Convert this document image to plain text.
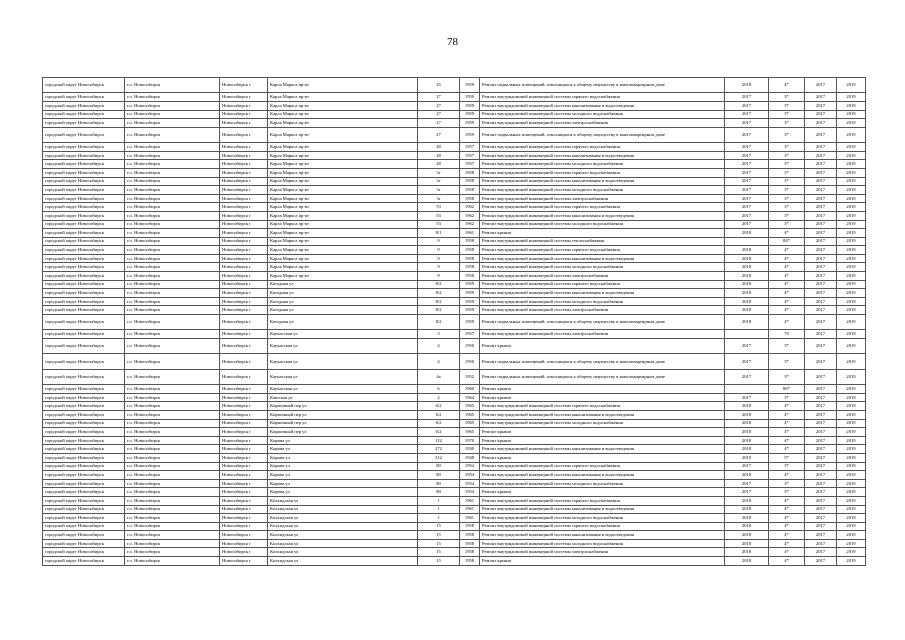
78
городской округ Новосибирск	г.о. Новосибирск	Новосибирск г	Карла Маркса пр-кт	25	1959	Ремонт подвальных помещений, относящихся к общему имуществу в многоквартирном доме	2018	4*	2017	2019
городской округ Новосибирск	г.о. Новосибирск	Новосибирск г	Карла Маркса пр-кт	27	1959	Ремонт внутридомовой инженерной системы горячего водоснабжения	2017	3*	2017	2019
городской округ Новосибирск	г.о. Новосибирск	Новосибирск г	Карла Маркса пр-кт	27	1959	Ремонт внутридомовой инженерной системы канализования и водоотведения	2017	3*	2017	2019
городской округ Новосибирск	г.о. Новосибирск	Новосибирск г	Карла Маркса пр-кт	27	1959	Ремонт внутридомовой инженерной системы холодного водоснабжения	2017	3*	2017	2019
городской округ Новосибирск	г.о. Новосибирск	Новосибирск г	Карла Маркса пр-кт	27	1959	Ремонт внутридомовой инженерной системы электроснабжения	2017	3*	2017	2019
городской округ Новосибирск	г.о. Новосибирск	Новосибирск г	Карла Маркса пр-кт	27	1959	Ремонт подвальных помещений, относящихся к общему имуществу в многоквартирном доме	2017	3*	2017	2019
городской округ Новосибирск	г.о. Новосибирск	Новосибирск г	Карла Маркса пр-кт	28	1957	Ремонт внутридомовой инженерной системы горячего водоснабжения	2017	3*	2017	2019
городской округ Новосибирск	г.о. Новосибирск	Новосибирск г	Карла Маркса пр-кт	28	1957	Ремонт внутридомовой инженерной системы канализования и водоотведения	2017	3*	2017	2019
городской округ Новосибирск	г.о. Новосибирск	Новосибирск г	Карла Маркса пр-кт	28	1957	Ремонт внутридомовой инженерной системы холодного водоснабжения	2017	3*	2017	2019
городской округ Новосибирск	г.о. Новосибирск	Новосибирск г	Карла Маркса пр-кт	3г	1958	Ремонт внутридомовой инженерной системы горячего водоснабжения	2017	3*	2017	2019
городской округ Новосибирск	г.о. Новосибирск	Новосибирск г	Карла Маркса пр-кт	3г	1958	Ремонт внутридомовой инженерной системы канализования и водоотведения	2017	3*	2017	2019
городской округ Новосибирск	г.о. Новосибирск	Новосибирск г	Карла Маркса пр-кт	3г	1958	Ремонт внутридомовой инженерной системы холодного водоснабжения	2017	3*	2017	2019
городской округ Новосибирск	г.о. Новосибирск	Новосибирск г	Карла Маркса пр-кт	3г	1958	Ремонт внутридомовой инженерной системы электроснабжения	2017	3*	2017	2019
городской округ Новосибирск	г.о. Новосибирск	Новосибирск г	Карла Маркса пр-кт	53	1962	Ремонт внутридомовой инженерной системы горячего водоснабжения	2017	3*	2017	2019
городской округ Новосибирск	г.о. Новосибирск	Новосибирск г	Карла Маркса пр-кт	53	1962	Ремонт внутридомовой инженерной системы канализования и водоотведения	2017	3*	2017	2019
городской округ Новосибирск	г.о. Новосибирск	Новосибирск г	Карла Маркса пр-кт	53	1962	Ремонт внутридомовой инженерной системы холодного водоснабжения	2017	3*	2017	2019
городской округ Новосибирск	г.о. Новосибирск	Новосибирск г	Карла Маркса пр-кт	8/1	1961	Ремонт крыши	2018	4*	2017	2019
городской округ Новосибирск	г.о. Новосибирск	Новосибирск г	Карла Маркса пр-кт	9	1958	Ремонт внутридомовой инженерной системы теплоснабжения		84*	2017	2019
городской округ Новосибирск	г.о. Новосибирск	Новосибирск г	Карла Маркса пр-кт	9	1958	Ремонт внутридомовой инженерной системы горячего водоснабжения	2018	4*	2017	2019
городской округ Новосибирск	г.о. Новосибирск	Новосибирск г	Карла Маркса пр-кт	9	1958	Ремонт внутридомовой инженерной системы канализования и водоотведения	2018	4*	2017	2019
городской округ Новосибирск	г.о. Новосибирск	Новосибирск г	Карла Маркса пр-кт	9	1958	Ремонт внутридомовой инженерной системы холодного водоснабжения	2018	4*	2017	2019
городской округ Новосибирск	г.о. Новосибирск	Новосибирск г	Карла Маркса пр-кт	9	1958	Ремонт внутридомовой инженерной системы электроснабжения	2018	4*	2017	2019
городской округ Новосибирск	г.о. Новосибирск	Новосибирск г	Катодная ул	8/2	1959	Ремонт внутридомовой инженерной системы горячего водоснабжения	2018	4*	2017	2019
городской округ Новосибирск	г.о. Новосибирск	Новосибирск г	Катодная ул	8/2	1959	Ремонт внутридомовой инженерной системы канализования и водоотведения	2018	4*	2017	2019
городской округ Новосибирск	г.о. Новосибирск	Новосибирск г	Катодная ул	8/2	1959	Ремонт внутридомовой инженерной системы холодного водоснабжения	2018	4*	2017	2019
городской округ Новосибирск	г.о. Новосибирск	Новосибирск г	Катодная ул	8/2	1959	Ремонт внутридомовой инженерной системы электроснабжения	2018	4*	2017	2019
городской округ Новосибирск	г.о. Новосибирск	Новосибирск г	Катодная ул	8/2	1959	Ремонт подвальных помещений, относящихся к общему имуществу в многоквартирном доме	2018	4*	2017	2019
городской округ Новосибирск	г.о. Новосибирск	Новосибирск г	Каунасская ул	3	1957	Ремонт внутридомовой инженерной системы электроснабжения		7б	2017	2019
городской округ Новосибирск	г.о. Новосибирск	Новосибирск г	Каунасская ул	4	1950	Ремонт крыши	2017	3*	2017	2019
городской округ Новосибирск	г.о. Новосибирск	Новосибирск г	Каунасская ул	4	1950	Ремонт подвальных помещений, относящихся к общему имуществу в многоквартирном доме	2017	3*	2017	2019
городской округ Новосибирск	г.о. Новосибирск	Новосибирск г	Каунасская ул	4а	1952	Ремонт подвальных помещений, относящихся к общему имуществу в многоквартирном доме	2017	3*	2017	2019
городской округ Новосибирск	г.о. Новосибирск	Новосибирск г	Каунасская ул	6	1960	Ремонт крыши		86*	2017	2019
городской округ Новосибирск	г.о. Новосибирск	Новосибирск г	Кашская ул	2	1964	Ремонт крыши	2017	3*	2017	2019
городской округ Новосибирск	г.о. Новосибирск	Новосибирск г	Кирпичный пер ул	6/2	1965	Ремонт внутридомовой инженерной системы горячего водоснабжения	2018	4*	2017	2019
городской округ Новосибирск	г.о. Новосибирск	Новосибирск г	Кирпичный пер ул	6/2	1965	Ремонт внутридомовой инженерной системы канализования и водоотведения	2018	4*	2017	2019
городской округ Новосибирск	г.о. Новосибирск	Новосибирск г	Кирпичный пер ул	6/2	1965	Ремонт внутридомовой инженерной системы холодного водоснабжения	2018	4*	2017	2019
городской округ Новосибирск	г.о. Новосибирск	Новосибирск г	Кирпичный пер ул	6/2	1965	Ремонт крыши	2018	4*	2017	2019
городской округ Новосибирск	г.о. Новосибирск	Новосибирск г	Кирова ул	112	1970	Ремонт крыши	2018	4*	2017	2019
городской округ Новосибирск	г.о. Новосибирск	Новосибирск г	Кирова ул	272	1930	Ремонт внутридомовой инженерной системы канализования и водоотведения	2018	4*	2017	2019
городской округ Новосибирск	г.о. Новосибирск	Новосибирск г	Кирова ул	312	1948	Ремонт крыши	2019	5*	2017	2019
городской округ Новосибирск	г.о. Новосибирск	Новосибирск г	Кирова ул	80	1954	Ремонт внутридомовой инженерной системы горячего водоснабжения	2017	3*	2017	2019
городской округ Новосибирск	г.о. Новосибирск	Новосибирск г	Кирова ул	80	1954	Ремонт внутридомовой инженерной системы канализования и водоотведения	2018	4*	2017	2019
городской округ Новосибирск	г.о. Новосибирск	Новосибирск г	Кирова ул	80	1954	Ремонт внутридомовой инженерной системы холодного водоснабжения	2017	3*	2017	2019
городской округ Новосибирск	г.о. Новосибирск	Новосибирск г	Кирова ул	80	1954	Ремонт крыши	2017	3*	2017	2019
городской округ Новосибирск	г.о. Новосибирск	Новосибирск г	Колхидская ул	1	1961	Ремонт внутридомовой инженерной системы горячего водоснабжения	2018	4*	2017	2019
городской округ Новосибирск	г.о. Новосибирск	Новосибирск г	Колхидская ул	1	1961	Ремонт внутридомовой инженерной системы канализования и водоотведения	2018	4*	2017	2019
городской округ Новосибирск	г.о. Новосибирск	Новосибирск г	Колхидская ул	1	1961	Ремонт внутридомовой инженерной системы холодного водоснабжения	2018	4*	2017	2019
городской округ Новосибирск	г.о. Новосибирск	Новосибирск г	Колхидская ул	15	1958	Ремонт внутридомовой инженерной системы горячего водоснабжения	2018	4*	2017	2019
городской округ Новосибирск	г.о. Новосибирск	Новосибирск г	Колхидская ул	15	1958	Ремонт внутридомовой инженерной системы канализования и водоотведения	2018	4*	2017	2019
городской округ Новосибирск	г.о. Новосибирск	Новосибирск г	Колхидская ул	15	1958	Ремонт внутридомовой инженерной системы холодного водоснабжения	2018	4*	2017	2019
городской округ Новосибирск	г.о. Новосибирск	Новосибирск г	Колхидская ул	15	1958	Ремонт внутридомовой инженерной системы электроснабжения	2018	4*	2017	2019
городской округ Новосибирск	г.о. Новосибирск	Новосибирск г	Колхидская ул	15	1958	Ремонт крыши	2018	4*	2017	2019
